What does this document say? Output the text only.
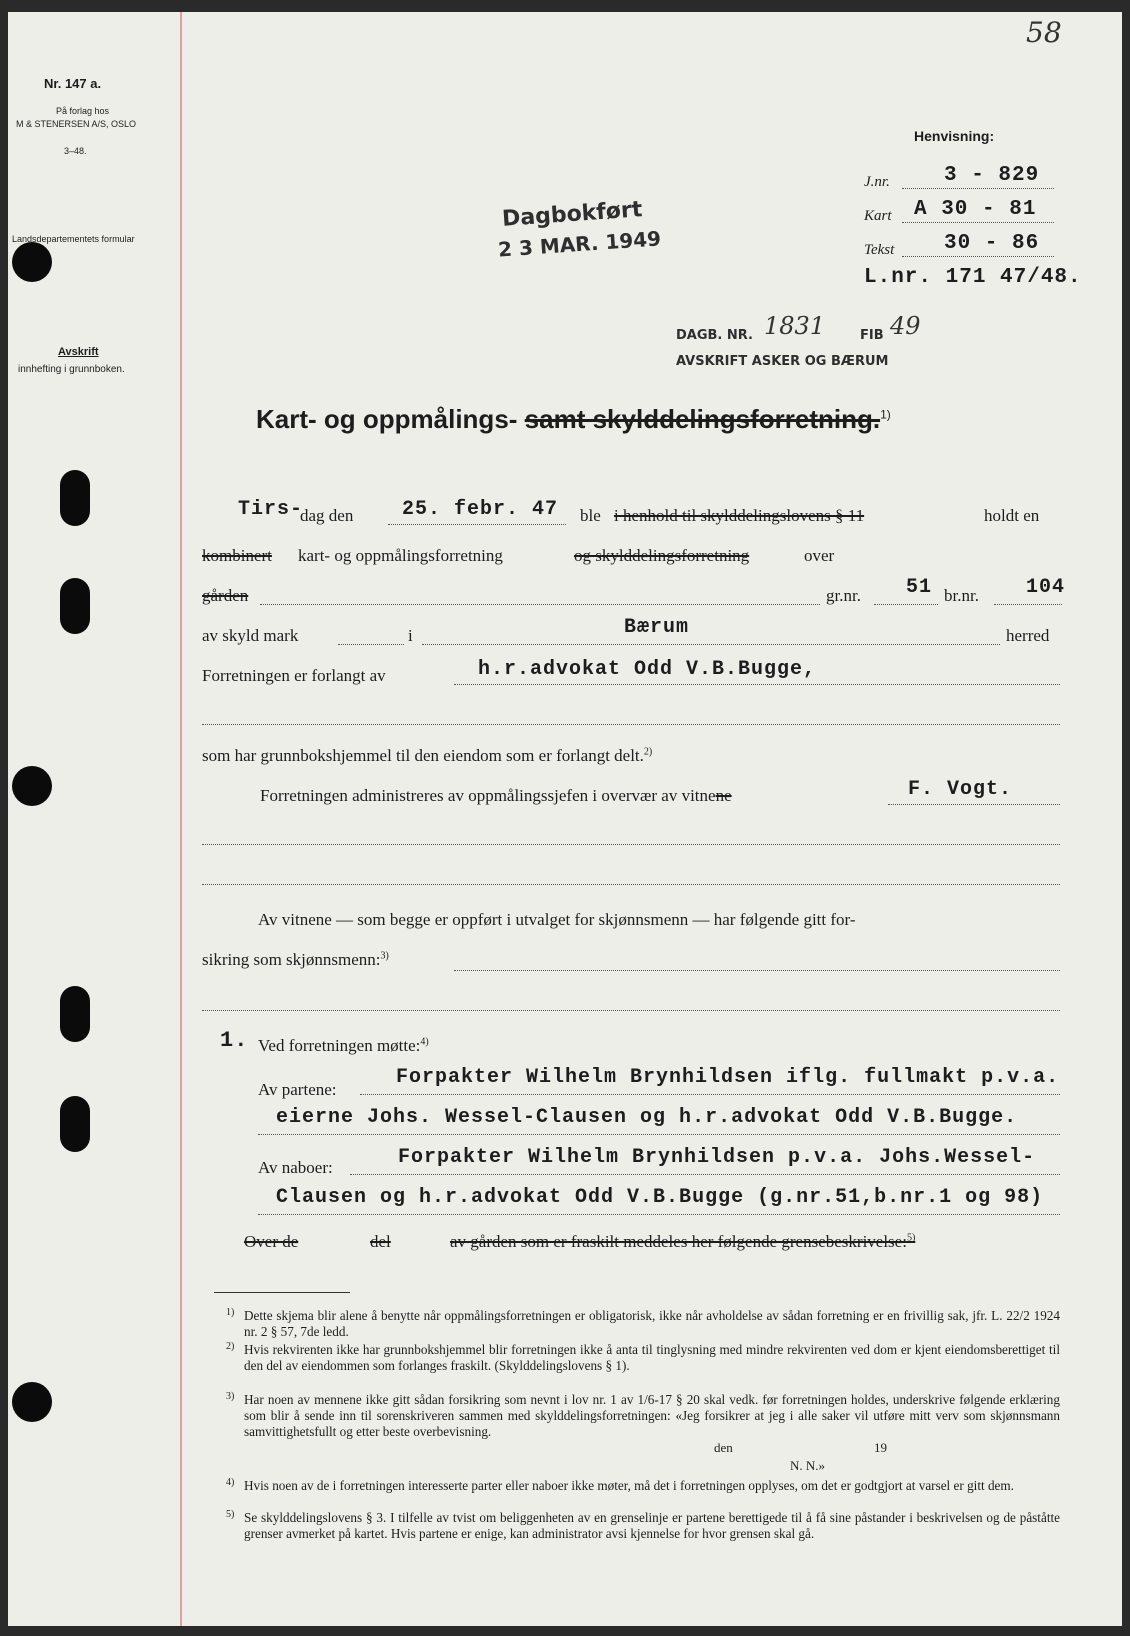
58
Nr. 147 a.
På forlag hos
M & STENERSEN A/S, OSLO
3–48.
Landsdepartementets formular
Avskrift
innhefting i grunnboken.
Henvisning:
J.nr.	3 - 829
Kart A 30 - 81
Tekst 30 - 86
L.nr. 171 47/48.
Dagbokført
2 3 MAR. 1949
DAGB. NR. 1831	FIB 49
AVSKRIFT ASKER OG BÆRUM
Kart- og oppmålings- samt skylddelingsforretning.$^{1)}$
Tirs-
dag den 25. febr. 47 ble i henhold til skylddelingslovens § 11	holdt en
kombinert kart- og oppmålingsforretning	og skylddelingsforretning	over
gården	gr.nr. 51 br.nr. 104
av skyld mark	i	Bærum	herred
Forretningen er forlangt av	h.r.advokat Odd V.B.Bugge,
som har grunnbokshjemmel til den eiendom som er forlangt delt.$^{2)}$
Forretningen administreres av oppmålingssjefen i overvær av vitnene	F. Vogt.
Av vitnene — som begge er oppført i utvalget for skjønnsmenn — har følgende gitt for-
sikring som skjønnsmenn:$^{3)}$
1. Ved forretningen møtte:$^{4)}$
Av partene:
Forpakter Wilhelm Brynhildsen iflg. fullmakt p.v.a.
eierne Johs. Wessel-Clausen og h.r.advokat Odd V.B.Bugge.
Av naboer:	Forpakter Wilhelm Brynhildsen p.v.a. Johs.Wessel-
Clausen og h.r.advokat Odd V.B.Bugge (g.nr.51,b.nr.1 og 98)
Over de	del	av gården som er fraskilt meddeles her følgende grensebeskrivelse:$^{5)}$
1) Dette skjema blir alene å benytte når oppmålingsforretningen er obligatorisk, ikke når avholdelse av sådan forretning er en frivillig sak, jfr. L. 22/2 1924 nr. 2 § 57, 7de ledd.
2) Hvis rekvirenten ikke har grunnbokshjemmel blir forretningen ikke å anta til tinglysning med mindre rekvirenten ved dom er kjent eiendomsberettiget til den del av eiendommen som forlanges fraskilt. (Skylddelingslovens § 1).
3) Har noen av mennene ikke gitt sådan forsikring som nevnt i lov nr. 1 av 1/6-17 § 20 skal vedk. før forretningen holdes, underskrive følgende erklæring som blir å sende inn til sorenskriveren sammen med skylddelingsforretningen: «Jeg forsikrer at jeg i alle saker vil utføre mitt verv som skjønnsmann samvittighetsfullt og etter beste overbevisning.
den	19
N. N.»
4) Hvis noen av de i forretningen interesserte parter eller naboer ikke møter, må det i forretningen opplyses, om det er godtgjort at varsel er gitt dem.
5) Se skylddelingslovens § 3. I tilfelle av tvist om beliggenheten av en grenselinje er partene berettigede til å få sine påstander i beskrivelsen og de påståtte grenser avmerket på kartet. Hvis partene er enige, kan administrator avsi kjennelse for hvor grensen skal gå.
